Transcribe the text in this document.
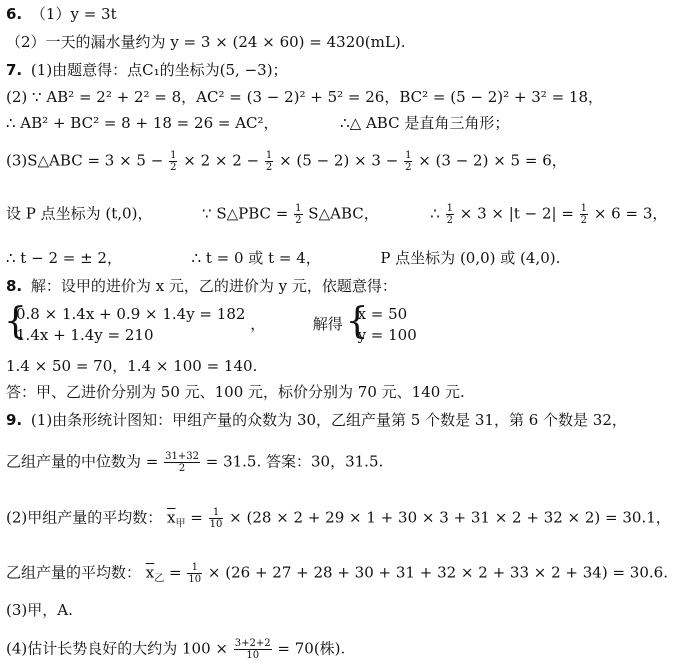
6. （1）y = 3t
（2）一天的漏水量约为 y = 3 × (24 × 60) = 4320(mL).
7. (1)由题意得：点C₁的坐标为(5, −3)；
(2) ∵ AB² = 2² + 2² = 8，AC² = (3 − 2)² + 5² = 26，BC² = (5 − 2)² + 3² = 18，
∴ AB² + BC² = 8 + 18 = 26 = AC²，	∴△ ABC 是直角三角形；
(3)S△ABC = $3 \times 5 - \frac{1}{2} \times 2 \times 2 - \frac{1}{2} \times (5 - 2) \times 3 - \frac{1}{2} \times (3 - 2) \times 5 = 6$，
设 P 点坐标为 (t,0)，	∵ S△PBC = $\frac{1}{2}$ S△ABC，	∴ $\frac{1}{2} \times 3 \times |t - 2| = \frac{1}{2} \times 6 = 3$，
∴ t − 2 = ± 2，	∴ t = 0 或 t = 4，	P 点坐标为 (0,0) 或 (4,0).
8. 解：设甲的进价为 x 元，乙的进价为 y 元，依题意得：
{ 0.8 × 1.4x + 0.9 × 1.4y = 182
1.4x + 1.4y = 210
，	解得
{ x = 50
y = 100
1.4 × 50 = 70，1.4 × 100 = 140.
答：甲、乙进价分别为 50 元、100 元，标价分别为 70 元、140 元.
9. (1)由条形统计图知：甲组产量的众数为 30，乙组产量第 5 个数是 31，第 6 个数是 32，
乙组产量的中位数为 = $\frac{31+32}{2} = 31.5$. 答案：30，31.5.
(2)甲组产量的平均数： $\overline{x}_甲 = \frac{1}{10} \times (28 \times 2 + 29 \times 1 + 30 \times 3 + 31 \times 2 + 32 \times 2) = 30.1$，
乙组产量的平均数： $\overline{x}_乙 = \frac{1}{10} \times (26 + 27 + 28 + 30 + 31 + 32 \times 2 + 33 \times 2 + 34) = 30.6$.
(3)甲，A.
(4)估计长势良好的大约为 $100 \times \frac{3+2+2}{10} = 70$(株).
